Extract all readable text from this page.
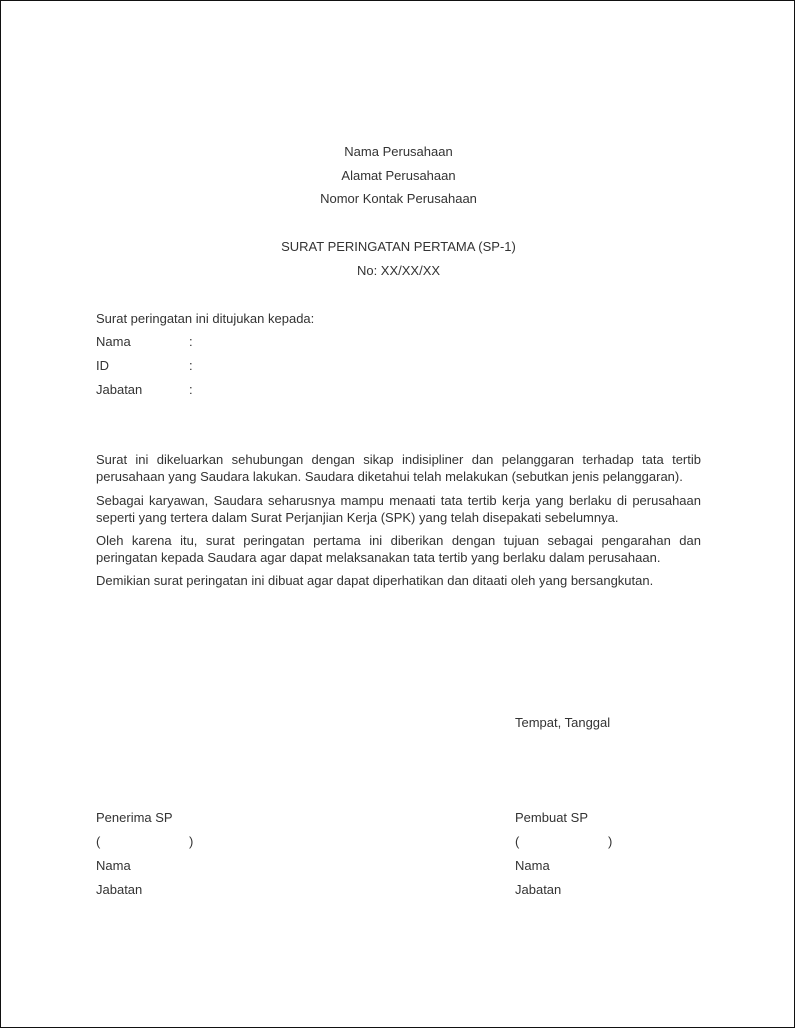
Nama Perusahaan
Alamat Perusahaan
Nomor Kontak Perusahaan
SURAT PERINGATAN PERTAMA (SP-1)
No: XX/XX/XX
Surat peringatan ini ditujukan kepada:
Nama	:
ID	:
Jabatan	:
Surat ini dikeluarkan sehubungan dengan sikap indisipliner dan pelanggaran terhadap tata tertib perusahaan yang Saudara lakukan. Saudara diketahui telah melakukan (sebutkan jenis pelanggaran).
Sebagai karyawan, Saudara seharusnya mampu menaati tata tertib kerja yang berlaku di perusahaan seperti yang tertera dalam Surat Perjanjian Kerja (SPK) yang telah disepakati sebelumnya.
Oleh karena itu, surat peringatan pertama ini diberikan dengan tujuan sebagai pengarahan dan peringatan kepada Saudara agar dapat melaksanakan tata tertib yang berlaku dalam perusahaan.
Demikian surat peringatan ini dibuat agar dapat diperhatikan dan ditaati oleh yang bersangkutan.
Tempat, Tanggal
Penerima SP
(	)
Nama
Jabatan
Pembuat SP
(	)
Nama
Jabatan
